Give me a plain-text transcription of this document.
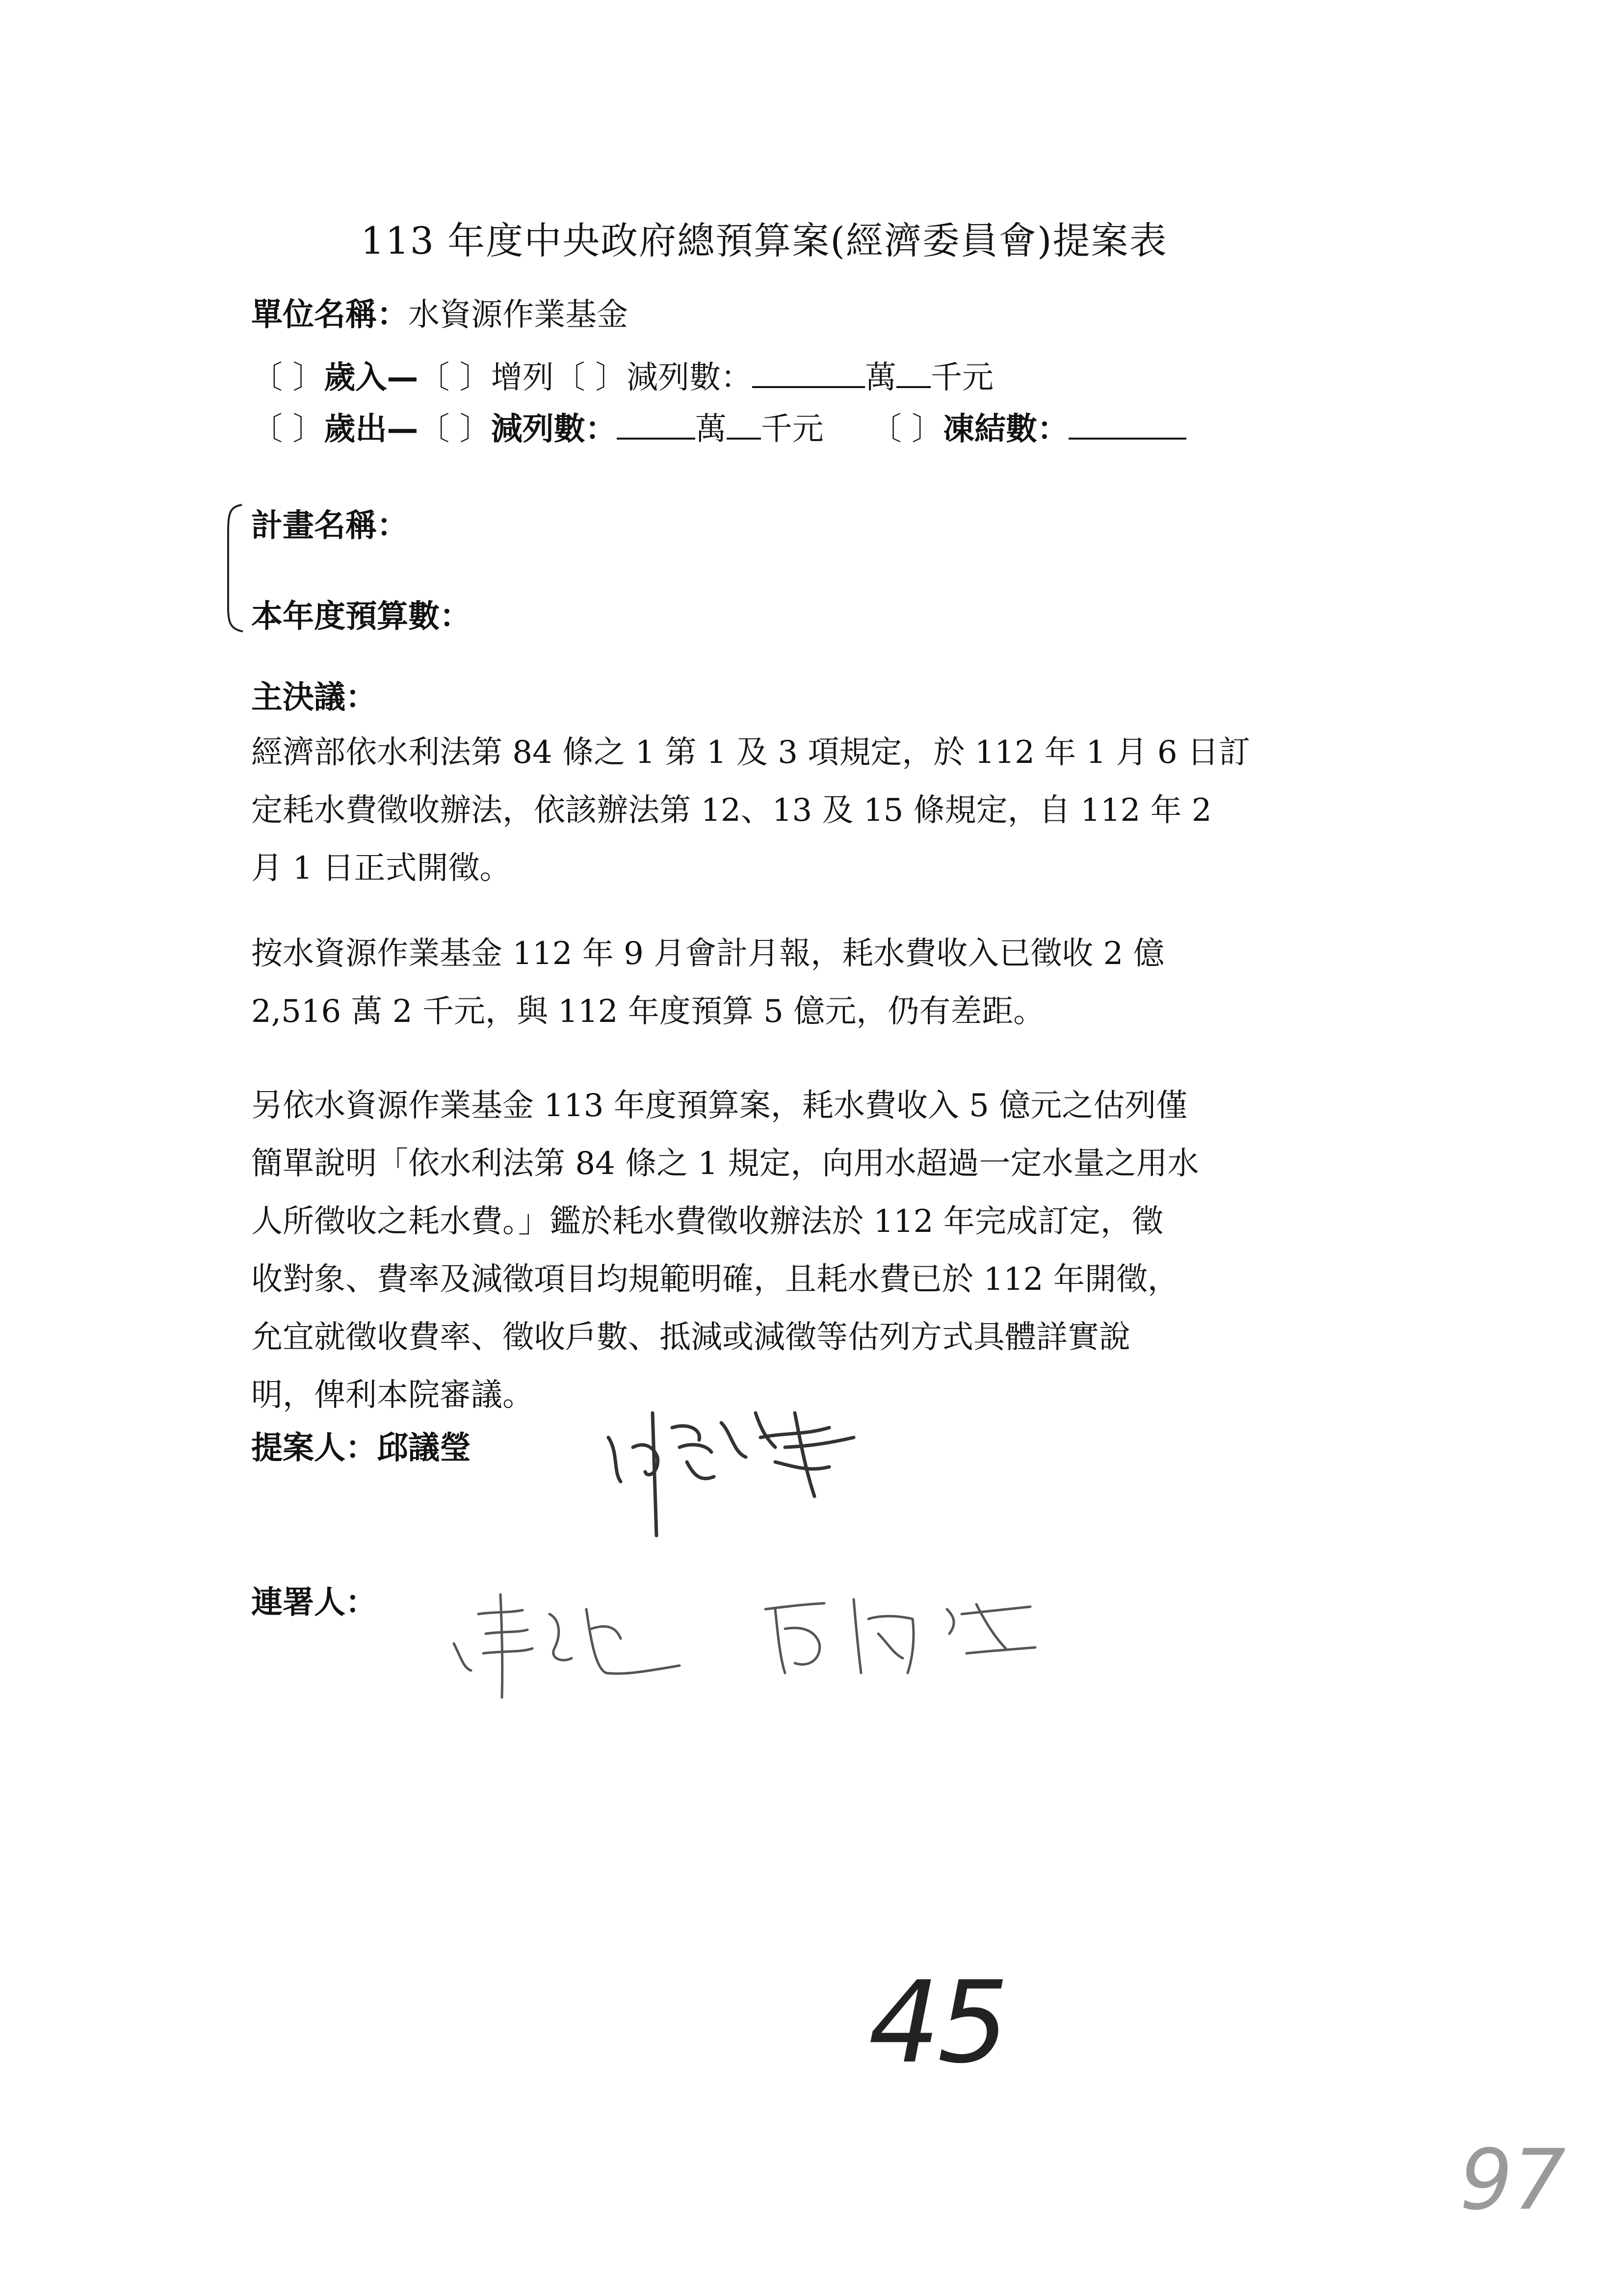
113 年度中央政府總預算案(經濟委員會)提案表
單位名稱：水資源作業基金
〔 〕歲入—〔 〕增列〔 〕減列數：	萬 千元
〔 〕歲出—〔 〕減列數：	萬 千元 〔 〕凍結數：
計畫名稱：
本年度預算數：
主決議：
經濟部依水利法第 84 條之 1 第 1 及 3 項規定，於 112 年 1 月 6 日訂
定耗水費徵收辦法，依該辦法第 12、13 及 15 條規定，自 112 年 2
月 1 日正式開徵。
按水資源作業基金 112 年 9 月會計月報，耗水費收入已徵收 2 億
2,516 萬 2 千元，與 112 年度預算 5 億元，仍有差距。
另依水資源作業基金 113 年度預算案，耗水費收入 5 億元之估列僅
簡單說明「依水利法第 84 條之 1 規定，向用水超過一定水量之用水
人所徵收之耗水費。」鑑於耗水費徵收辦法於 112 年完成訂定，徵
收對象、費率及減徵項目均規範明確，且耗水費已於 112 年開徵，
允宜就徵收費率、徵收戶數、抵減或減徵等估列方式具體詳實說
明，俾利本院審議。
提案人：邱議瑩
連署人：
45
97
